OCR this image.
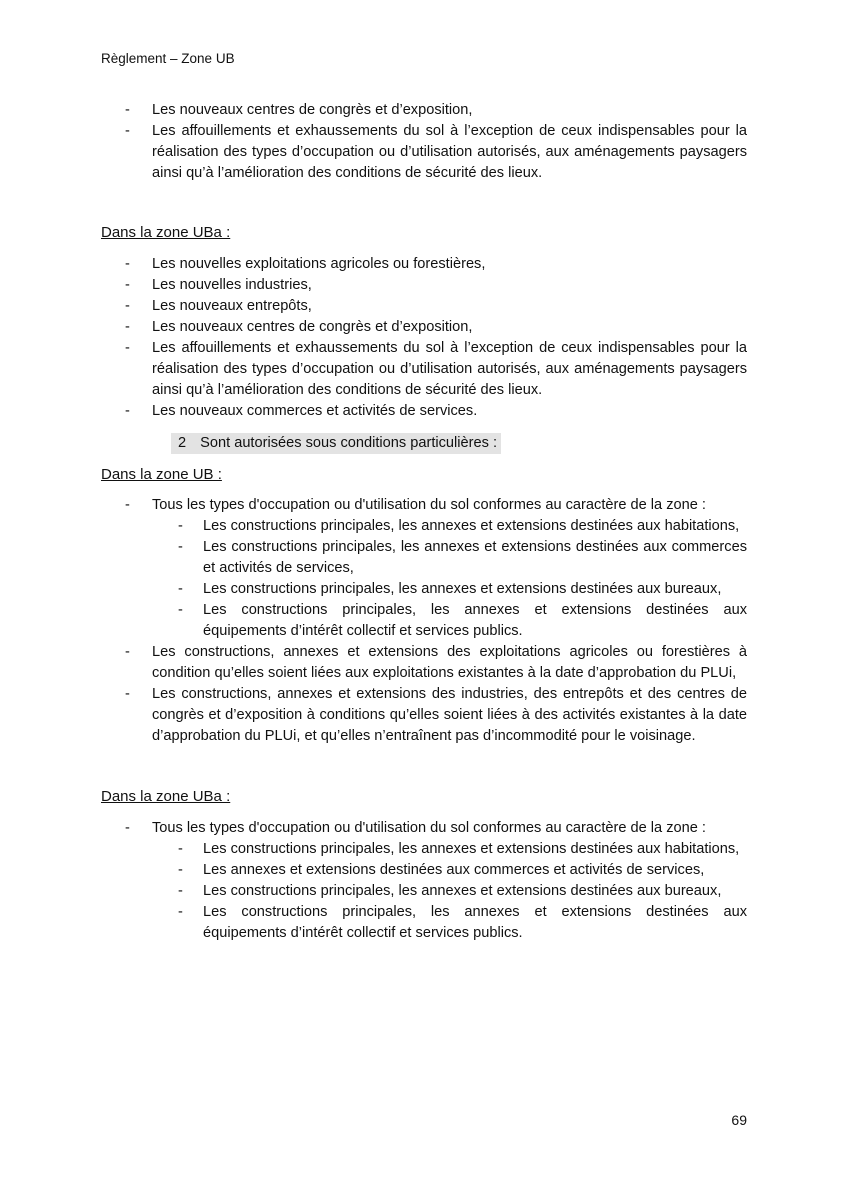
Règlement – Zone UB
- Les nouveaux centres de congrès et d’exposition,
- Les affouillements et exhaussements du sol à l’exception de ceux indispensables pour la réalisation des types d’occupation ou d’utilisation autorisés, aux aménagements paysagers ainsi qu’à l’amélioration des conditions de sécurité des lieux.
Dans la zone UBa :
- Les nouvelles exploitations agricoles ou forestières,
- Les nouvelles industries,
- Les nouveaux entrepôts,
- Les nouveaux centres de congrès et d’exposition,
- Les affouillements et exhaussements du sol à l’exception de ceux indispensables pour la réalisation des types d’occupation ou d’utilisation autorisés, aux aménagements paysagers ainsi qu’à l’amélioration des conditions de sécurité des lieux.
- Les nouveaux commerces et activités de services.
2 Sont autorisées sous conditions particulières :
Dans la zone UB :
- Tous les types d'occupation ou d'utilisation du sol conformes au caractère de la zone :
- Les constructions principales, les annexes et extensions destinées aux habitations,
- Les constructions principales, les annexes et extensions destinées aux commerces et activités de services,
- Les constructions principales, les annexes et extensions destinées aux bureaux,
- Les constructions principales, les annexes et extensions destinées aux équipements d’intérêt collectif et services publics.
- Les constructions, annexes et extensions des exploitations agricoles ou forestières à condition qu’elles soient liées aux exploitations existantes à la date d’approbation du PLUi,
- Les constructions, annexes et extensions des industries, des entrepôts et des centres de congrès et d’exposition à conditions qu’elles soient liées à des activités existantes à la date d’approbation du PLUi, et qu’elles n’entraînent pas d’incommodité pour le voisinage.
Dans la zone UBa :
- Tous les types d'occupation ou d'utilisation du sol conformes au caractère de la zone :
- Les constructions principales, les annexes et extensions destinées aux habitations,
- Les annexes et extensions destinées aux commerces et activités de services,
- Les constructions principales, les annexes et extensions destinées aux bureaux,
- Les constructions principales, les annexes et extensions destinées aux équipements d’intérêt collectif et services publics.
69
